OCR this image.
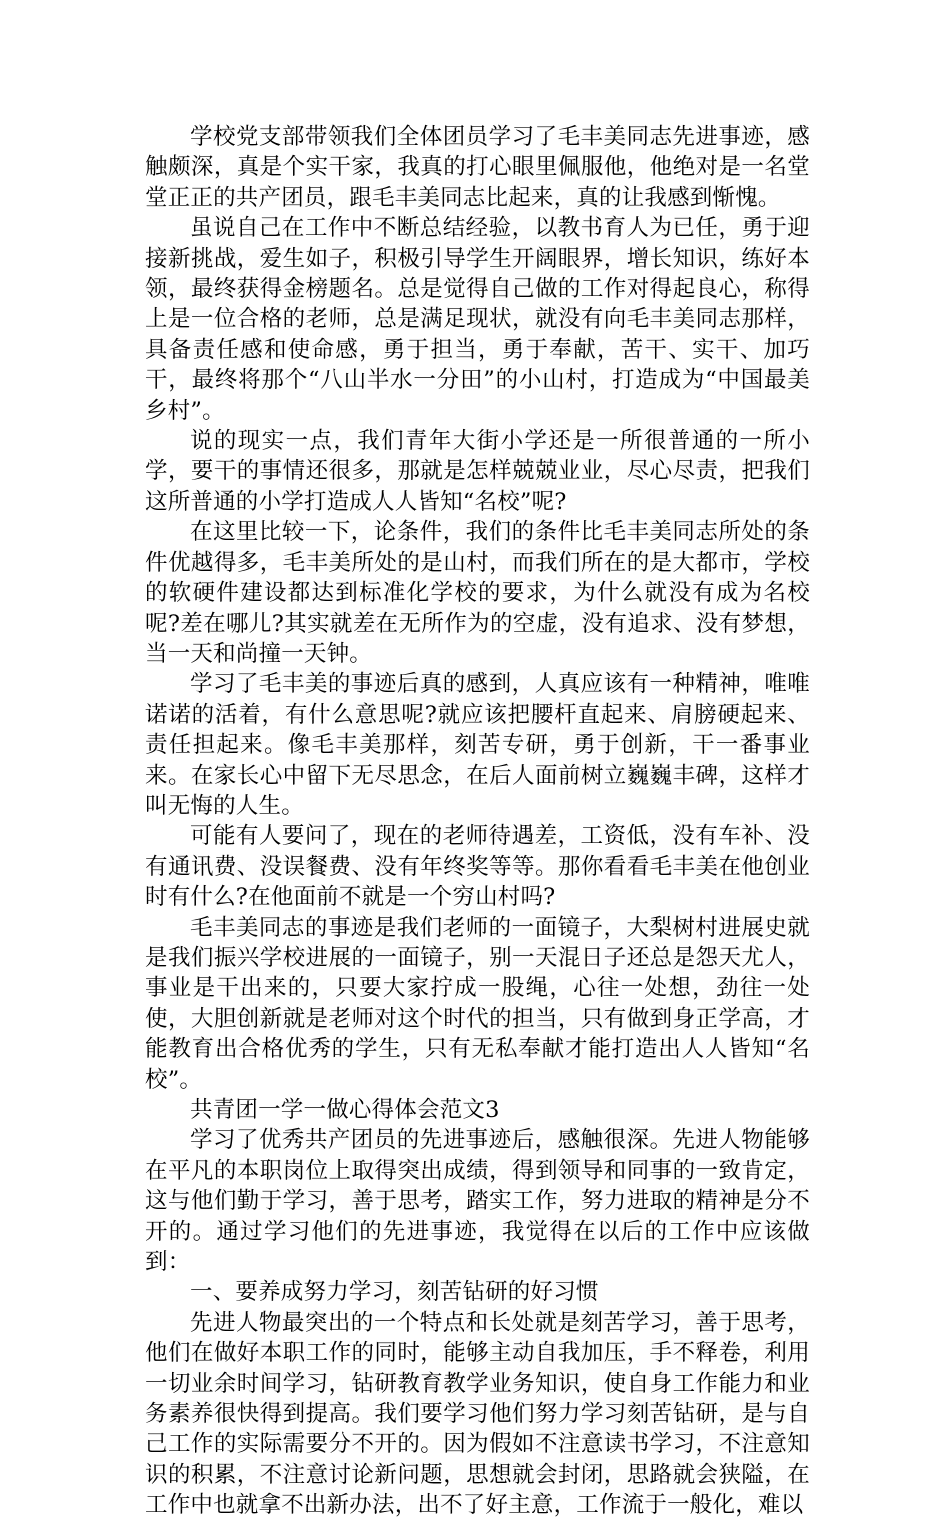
学校党支部带领我们全体团员学习了毛丰美同志先进事迹，感触颇深，真是个实干家，我真的打心眼里佩服他，他绝对是一名堂堂正正的共产团员，跟毛丰美同志比起来，真的让我感到惭愧。

虽说自己在工作中不断总结经验，以教书育人为已任，勇于迎接新挑战，爱生如子，积极引导学生开阔眼界，增长知识，练好本领，最终获得金榜题名。总是觉得自己做的工作对得起良心，称得上是一位合格的老师，总是满足现状，就没有向毛丰美同志那样，具备责任感和使命感，勇于担当，勇于奉献，苦干、实干、加巧干，最终将那个“八山半水一分田”的小山村，打造成为“中国最美乡村”。

说的现实一点，我们青年大街小学还是一所很普通的一所小学，要干的事情还很多，那就是怎样兢兢业业，尽心尽责，把我们这所普通的小学打造成人人皆知“名校”呢?

在这里比较一下，论条件，我们的条件比毛丰美同志所处的条件优越得多，毛丰美所处的是山村，而我们所在的是大都市，学校的软硬件建设都达到标准化学校的要求，为什么就没有成为名校呢?差在哪儿?其实就差在无所作为的空虚，没有追求、没有梦想，当一天和尚撞一天钟。

学习了毛丰美的事迹后真的感到，人真应该有一种精神，唯唯诺诺的活着，有什么意思呢?就应该把腰杆直起来、肩膀硬起来、责任担起来。像毛丰美那样，刻苦专研，勇于创新，干一番事业来。在家长心中留下无尽思念，在后人面前树立巍巍丰碑，这样才叫无悔的人生。

可能有人要问了，现在的老师待遇差，工资低，没有车补、没有通讯费、没误餐费、没有年终奖等等。那你看看毛丰美在他创业时有什么?在他面前不就是一个穷山村吗?

毛丰美同志的事迹是我们老师的一面镜子，大梨树村进展史就是我们振兴学校进展的一面镜子，别一天混日子还总是怨天尤人，事业是干出来的，只要大家拧成一股绳，心往一处想，劲往一处使，大胆创新就是老师对这个时代的担当，只有做到身正学高，才能教育出合格优秀的学生，只有无私奉献才能打造出人人皆知“名校”。

共青团一学一做心得体会范文3

学习了优秀共产团员的先进事迹后，感触很深。先进人物能够在平凡的本职岗位上取得突出成绩，得到领导和同事的一致肯定，这与他们勤于学习，善于思考，踏实工作，努力进取的精神是分不开的。通过学习他们的先进事迹，我觉得在以后的工作中应该做到：

一、要养成努力学习，刻苦钻研的好习惯

先进人物最突出的一个特点和长处就是刻苦学习，善于思考，他们在做好本职工作的同时，能够主动自我加压，手不释卷，利用一切业余时间学习，钻研教育教学业务知识，使自身工作能力和业务素养很快得到提高。我们要学习他们努力学习刻苦钻研，是与自己工作的实际需要分不开的。因为假如不注意读书学习，不注意知识的积累，不注意讨论新问题，思想就会封闭，思路就会狭隘，在工作中也就拿不出新办法，出不了好主意，工作流于一般化，难以
